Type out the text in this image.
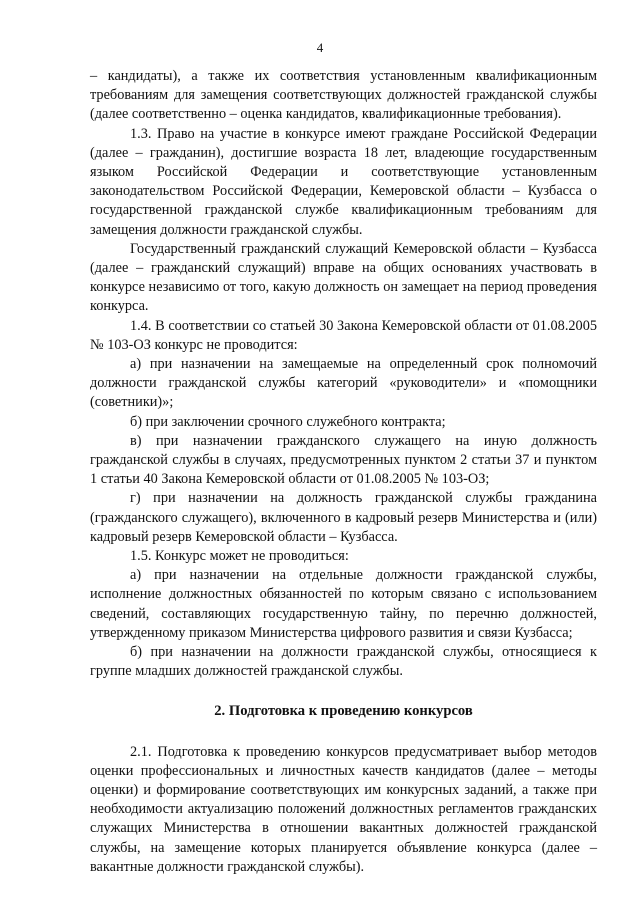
4

– кандидаты), а также их соответствия установленным квалификационным требованиям для замещения соответствующих должностей гражданской службы (далее соответственно – оценка кандидатов, квалификационные требования).

1.3. Право на участие в конкурсе имеют граждане Российской Федерации (далее – гражданин), достигшие возраста 18 лет, владеющие государственным языком Российской Федерации и соответствующие установленным законодательством Российской Федерации, Кемеровской области – Кузбасса о государственной гражданской службе квалификационным требованиям для замещения должности гражданской службы.

Государственный гражданский служащий Кемеровской области – Кузбасса (далее – гражданский служащий) вправе на общих основаниях участвовать в конкурсе независимо от того, какую должность он замещает на период проведения конкурса.

1.4. В соответствии со статьей 30 Закона Кемеровской области от 01.08.2005 № 103-ОЗ конкурс не проводится:

а) при назначении на замещаемые на определенный срок полномочий должности гражданской службы категорий «руководители» и «помощники (советники)»;

б) при заключении срочного служебного контракта;

в) при назначении гражданского служащего на иную должность гражданской службы в случаях, предусмотренных пунктом 2 статьи 37 и пунктом 1 статьи 40 Закона Кемеровской области от 01.08.2005 № 103-ОЗ;

г) при назначении на должность гражданской службы гражданина (гражданского служащего), включенного в кадровый резерв Министерства и (или) кадровый резерв Кемеровской области – Кузбасса.

1.5. Конкурс может не проводиться:

а) при назначении на отдельные должности гражданской службы, исполнение должностных обязанностей по которым связано с использованием сведений, составляющих государственную тайну, по перечню должностей, утвержденному приказом Министерства цифрового развития и связи Кузбасса;

б) при назначении на должности гражданской службы, относящиеся к группе младших должностей гражданской службы.

2. Подготовка к проведению конкурсов

2.1. Подготовка к проведению конкурсов предусматривает выбор методов оценки профессиональных и личностных качеств кандидатов (далее – методы оценки) и формирование соответствующих им конкурсных заданий, а также при необходимости актуализацию положений должностных регламентов гражданских служащих Министерства в отношении вакантных должностей гражданской службы, на замещение которых планируется объявление конкурса (далее – вакантные должности гражданской службы).
